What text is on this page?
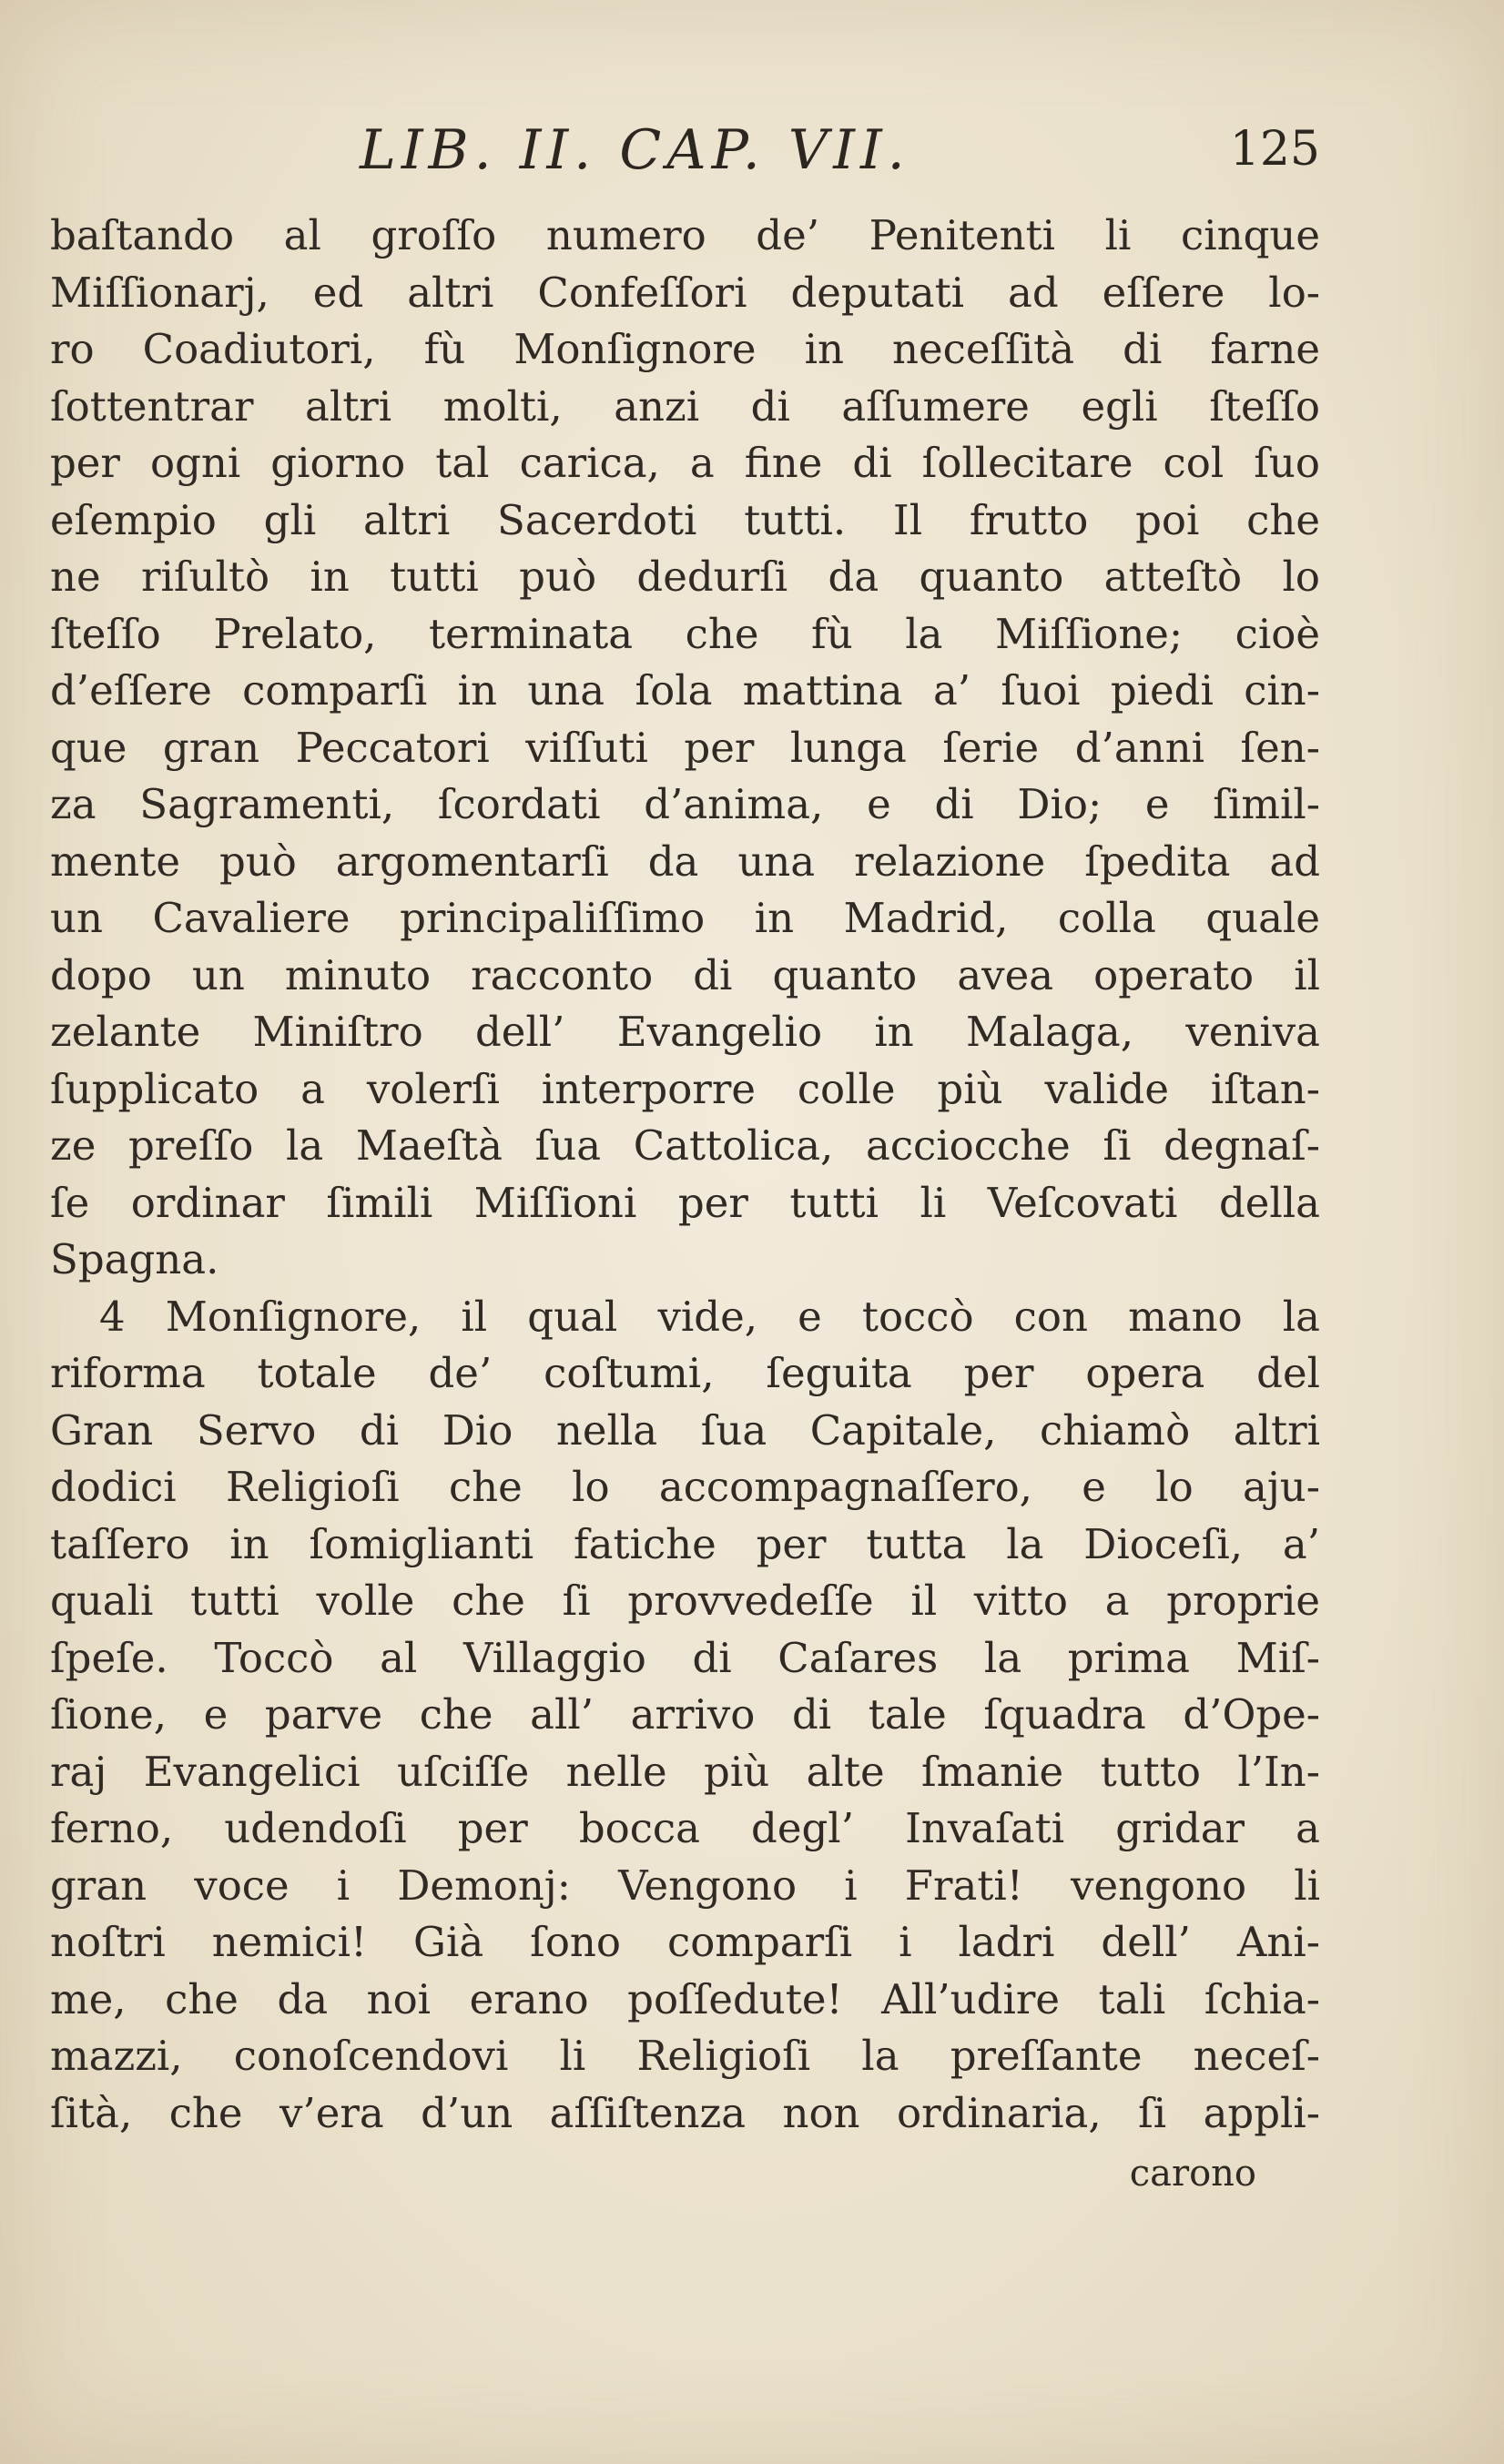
LIB. II. CAP. VII.	125
baſtando al groſſo numero de’ Penitenti li cinque
Miſſionarj, ed altri Confeſſori deputati ad eſſere lo-
ro Coadiutori, fù Monſignore in neceſſità di farne
ſottentrar altri molti, anzi di aſſumere egli ſteſſo
per ogni giorno tal carica, a fine di ſollecitare col ſuo
eſempio gli altri Sacerdoti tutti. Il frutto poi che
ne riſultò in tutti può dedurſi da quanto atteſtò lo
ſteſſo Prelato, terminata che fù la Miſſione; cioè
d’eſſere comparſi in una ſola mattina a’ ſuoi piedi cin-
que gran Peccatori viſſuti per lunga ſerie d’anni ſen-
za Sagramenti, ſcordati d’anima, e di Dio; e ſimil-
mente può argomentarſi da una relazione ſpedita ad
un Cavaliere principaliſſimo in Madrid, colla quale
dopo un minuto racconto di quanto avea operato il
zelante Miniſtro dell’ Evangelio in Malaga, veniva
ſupplicato a volerſi interporre colle più valide iſtan-
ze preſſo la Maeſtà ſua Cattolica, acciocche ſi degnaſ-
ſe ordinar ſimili Miſſioni per tutti li Veſcovati della
Spagna.
4 Monſignore, il qual vide, e toccò con mano la
riforma totale de’ coſtumi, ſeguita per opera del
Gran Servo di Dio nella ſua Capitale, chiamò altri
dodici Religioſi che lo accompagnaſſero, e lo aju-
taſſero in ſomiglianti fatiche per tutta la Dioceſi, a’
quali tutti volle che ſi provvedeſſe il vitto a proprie
ſpeſe. Toccò al Villaggio di Caſares la prima Miſ-
ſione, e parve che all’ arrivo di tale ſquadra d’Ope-
raj Evangelici uſciſſe nelle più alte ſmanie tutto l’In-
ferno, udendoſi per bocca degl’ Invaſati gridar a
gran voce i Demonj: Vengono i Frati! vengono li
noſtri nemici! Già ſono comparſi i ladri dell’ Ani-
me, che da noi erano poſſedute! All’udire tali ſchia-
mazzi, conoſcendovi li Religioſi la preſſante neceſ-
ſità, che v’era d’un aſſiſtenza non ordinaria, ſi appli-
carono
